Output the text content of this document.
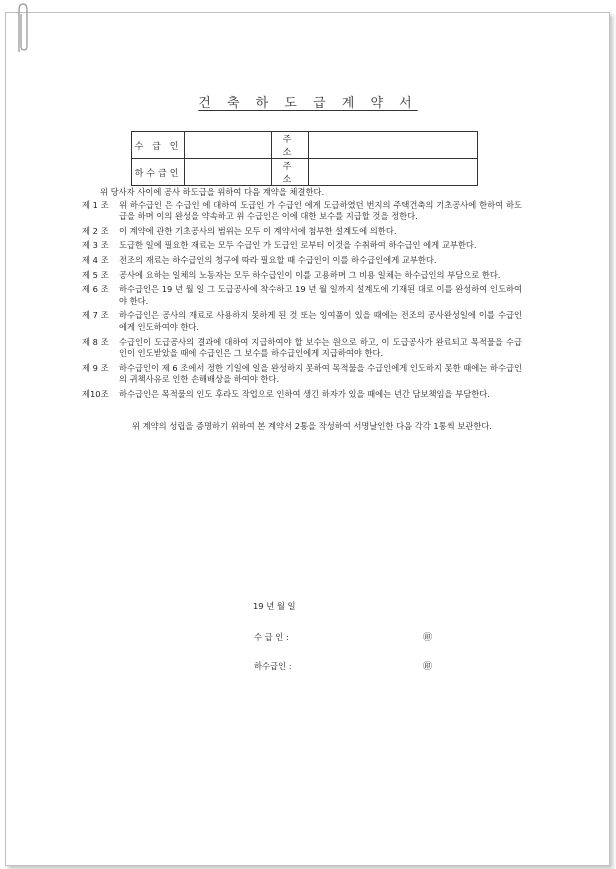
건 축 하 도 급 계 약 서
수 급 인		주 소	
하수급인		주 소	
위 당사자 사이에 공사 하도급을 위하여 다음 계약을 체결한다.
제 1 조	위 하수급인 은 수급인 에 대하여 도급인 가 수급인 에게 도급하였던 번지의 주택건축의 기초공사에 한하여 하도급을 하며 이의 완성을 약속하고 위 수급인은 이에 대한 보수를 지급할 것을 정한다.
제 2 조	이 계약에 관한 기초공사의 범위는 모두 이 계약서에 첨부한 설계도에 의한다.
제 3 조	도급한 일에 필요한 재료는 모두 수급인 가 도급인 로부터 이것을 수취하여 하수급인 에게 교부한다.
제 4 조	전조의 재료는 하수급인의 청구에 따라 필요할 때 수급인이 이를 하수급인에게 교부한다.
제 5 조	공사에 요하는 일체의 노동자는 모두 하수급인이 이를 고용하며 그 비용 일체는 하수급인의 부담으로 한다.
제 6 조	하수급인은 19 년 월 일 그 도급공사에 착수하고 19 년 월 일까지 설계도에 기재된 대로 이를 완성하여 인도하여야 한다.
제 7 조	하수급인은 공사의 재료로 사용하지 못하게 된 것 또는 잉여품이 있을 때에는 전조의 공사완성일에 이를 수급인에게 인도하여야 한다.
제 8 조	수급인이 도급공사의 결과에 대하여 지급하여야 할 보수는 원으로 하고, 이 도급공사가 완료되고 목적물을 수급인이 인도받았을 때에 수급인은 그 보수를 하수급인에게 지급하여야 한다.
제 9 조	하수급인이 제 6 조에서 정한 기일에 일을 완성하지 못하여 목적물을 수급인에게 인도하지 못한 때에는 하수급인의 귀책사유로 인한 손해배상을 하여야 한다.
제10조	하수급인은 목적물의 인도 후라도 작업으로 인하여 생긴 하자가 있을 때에는 년간 담보책임을 부담한다.
위 계약의 성립을 증명하기 위하여 본 계약서 2통을 작성하여 서명날인한 다음 각각 1통씩 보관한다.
19 년 월 일
수 급 인 :	㊞
하수급인 :	㊞
